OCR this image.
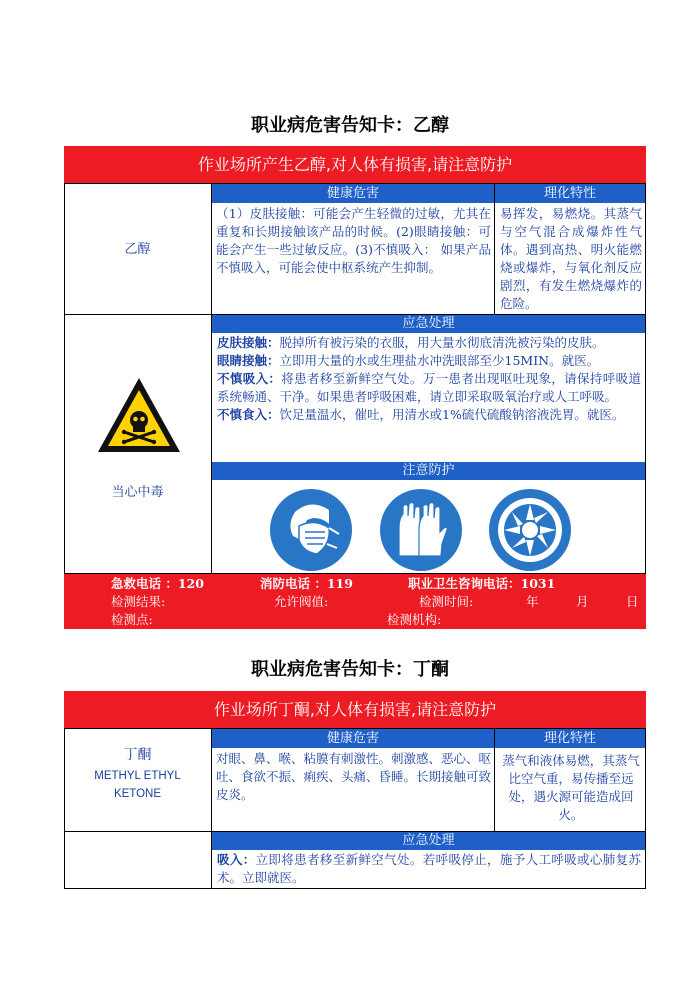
职业病危害告知卡：乙醇
作业场所产生乙醇,对人体有损害,请注意防护
乙醇
健康危害	理化特性
（1）皮肤接触：可能会产生轻微的过敏，尤其在重复和长期接触该产品的时候。(2)眼睛接触：可能会产生一些过敏反应。(3)不慎吸入： 如果产品不慎吸入，可能会使中枢系统产生抑制。
易挥发，易燃烧。其蒸气与空气混合成爆炸性气体。遇到高热、明火能燃烧或爆炸，与氧化剂反应剧烈，有发生燃烧爆炸的危险。
应急处理
皮肤接触：脱掉所有被污染的衣服，用大量水彻底清洗被污染的皮肤。
眼睛接触：立即用大量的水或生理盐水冲洗眼部至少15MIN。就医。
不慎吸入：将患者移至新鲜空气处。万一患者出现呕吐现象，请保持呼吸道系统畅通、干净。如果患者呼吸困难，请立即采取吸氧治疗或人工呼吸。
不慎食入：饮足量温水，催吐，用清水或1%硫代硫酸钠溶液洗胃。就医。
当心中毒
注意防护
急救电话 ：120	消防电话 ：119	职业卫生咨询电话：1031
检测结果:	允许阀值:	检测时间:	年	月	日
检测点:	检测机构:
职业病危害告知卡：丁酮
作业场所丁酮,对人体有损害,请注意防护
丁酮
METHYL ETHYL
KETONE
健康危害	理化特性
对眼、鼻、喉、粘膜有刺激性。刺激感、恶心、呕吐、食欲不振、痢疾、头痛、昏睡。长期接触可致皮炎。
蒸气和液体易燃，其蒸气比空气重，易传播至远处，遇火源可能造成回火。
应急处理
吸入：立即将患者移至新鲜空气处。若呼吸停止，施予人工呼吸或心肺复苏术。立即就医。
